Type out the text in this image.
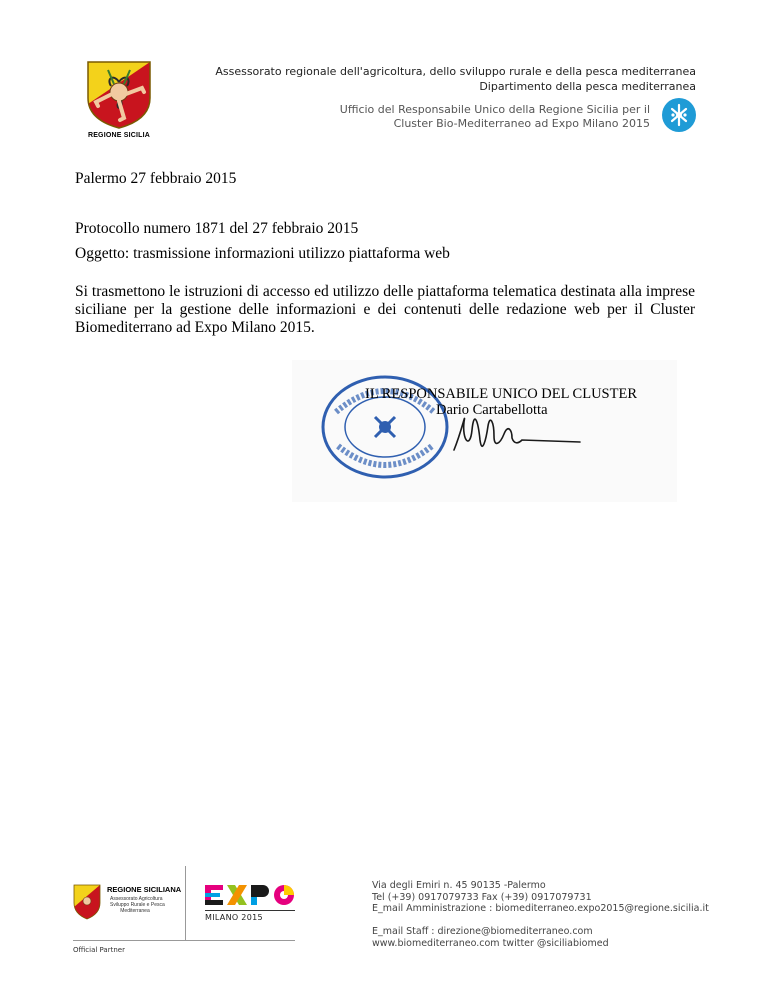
REGIONE SICILIA
Assessorato regionale dell'agricoltura, dello sviluppo rurale e della pesca mediterranea
Dipartimento della pesca mediterranea
Ufficio del Responsabile Unico della Regione Sicilia per il
Cluster Bio-Mediterraneo ad Expo Milano 2015
Palermo 27 febbraio 2015
Protocollo numero 1871 del 27 febbraio 2015
Oggetto: trasmissione informazioni utilizzo piattaforma web
Si trasmettono le istruzioni di accesso ed utilizzo delle piattaforma telematica destinata alla imprese siciliane per la gestione delle informazioni e dei contenuti delle redazione web per il Cluster Biomediterrano ad Expo Milano 2015.
IL RESPONSABILE UNICO DEL CLUSTER
Dario Cartabellotta
REGIONE SICILIANA
Assessorato Agricoltura
Sviluppo Rurale e Pesca
Mediterranea
Official Partner
MILANO 2015
Via degli Emiri n. 45 90135 -Palermo
Tel (+39) 0917079733 Fax (+39) 0917079731
E_mail Amministrazione : biomediterraneo.expo2015@regione.sicilia.it
E_mail Staff : direzione@biomediterraneo.com
www.biomediterraneo.com twitter @siciliabiomed
